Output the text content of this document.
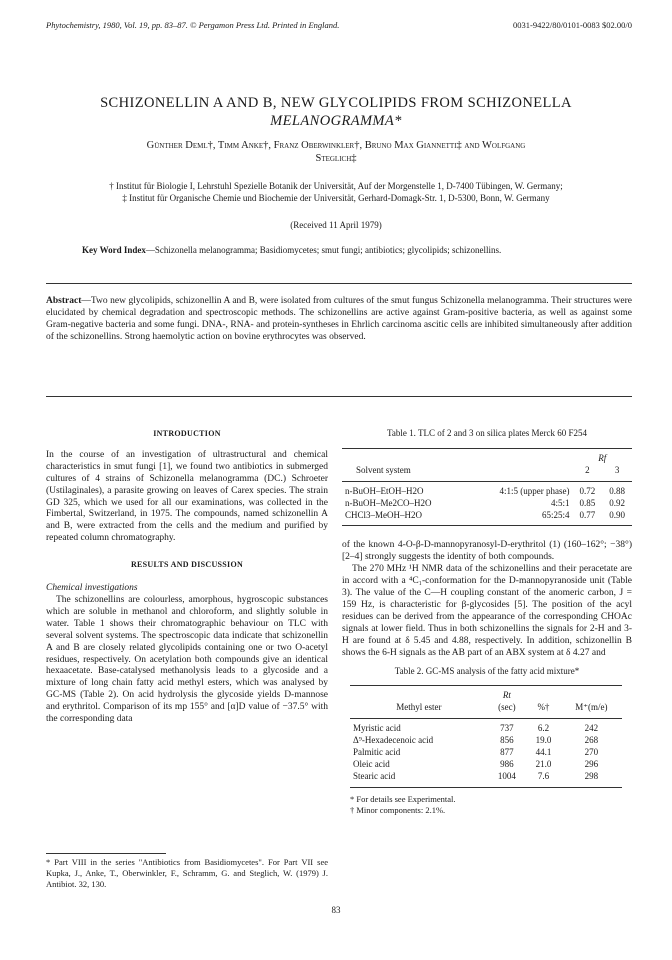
Phytochemistry, 1980, Vol. 19, pp. 83–87. © Pergamon Press Ltd. Printed in England.	0031-9422/80/0101-0083 $02.00/0
SCHIZONELLIN A AND B, NEW GLYCOLIPIDS FROM SCHIZONELLA
MELANOGRAMMA*
Günther Deml†, Timm Anke†, Franz Oberwinkler†, Bruno Max Giannetti‡ and Wolfgang
Steglich‡
† Institut für Biologie I, Lehrstuhl Spezielle Botanik der Universität, Auf der Morgenstelle 1, D-7400 Tübingen, W. Germany;
‡ Institut für Organische Chemie und Biochemie der Universität, Gerhard-Domagk-Str. 1, D-5300, Bonn, W. Germany
(Received 11 April 1979)
Key Word Index—Schizonella melanogramma; Basidiomycetes; smut fungi; antibiotics; glycolipids; schizonellins.
Abstract—Two new glycolipids, schizonellin A and B, were isolated from cultures of the smut fungus Schizonella melanogramma. Their structures were elucidated by chemical degradation and spectroscopic methods. The schizonellins are active against Gram-positive bacteria, as well as against some Gram-negative bacteria and some fungi. DNA-, RNA- and protein-syntheses in Ehrlich carcinoma ascitic cells are inhibited simultaneously after addition of the schizonellins. Strong haemolytic action on bovine erythrocytes was observed.

INTRODUCTION

In the course of an investigation of ultrastructural and chemical characteristics in smut fungi [1], we found two antibiotics in submerged cultures of 4 strains of Schizonella melanogramma (DC.) Schroeter (Ustilaginales), a parasite growing on leaves of Carex species. The strain GD 325, which we used for all our examinations, was collected in the Fimbertal, Switzerland, in 1975. The compounds, named schizonellin A and B, were extracted from the cells and the medium and purified by repeated column chromatography.

RESULTS AND DISCUSSION

Chemical investigations

The schizonellins are colourless, amorphous, hygroscopic substances which are soluble in methanol and chloroform, and slightly soluble in water. Table 1 shows their chromatographic behaviour on TLC with several solvent systems. The spectroscopic data indicate that schizonellin A and B are closely related glycolipids containing one or two O-acetyl residues, respectively. On acetylation both compounds give an identical hexaacetate. Base-catalysed methanolysis leads to a glycoside and a mixture of long chain fatty acid methyl esters, which was analysed by GC-MS (Table 2). On acid hydrolysis the glycoside yields D-mannose and erythritol. Comparison of its mp 155° and [α]D value of −37.5° with the corresponding data

* Part VIII in the series "Antibiotics from Basidiomycetes". For Part VII see Kupka, J., Anke, T., Oberwinkler, F., Schramm, G. and Steglich, W. (1979) J. Antibiot. 32, 130.
Table 1. TLC of 2 and 3 on silica plates Merck 60 F254

Solvent system		Rf	
		2	3

n-BuOH–EtOH–H2O	4:1:5 (upper phase)	0.72	0.88
n-BuOH–Me2CO–H2O	4:5:1	0.85	0.92
CHCl3–MeOH–H2O	65:25:4	0.77	0.90

of the known 4-O-β-D-mannopyranosyl-D-erythritol (1) (160–162°; −38°) [2–4] strongly suggests the identity of both compounds.

The 270 MHz ¹H NMR data of the schizonellins and their peracetate are in accord with a ⁴C₁-conformation for the D-mannopyranoside unit (Table 3). The value of the C—H coupling constant of the anomeric carbon, J = 159 Hz, is characteristic for β-glycosides [5]. The position of the acyl residues can be derived from the appearance of the corresponding CHOAc signals at lower field. Thus in both schizonellins the signals for 2-H and 3-H are found at δ 5.45 and 4.88, respectively. In addition, schizonellin B shows the 6-H signals as the AB part of an ABX system at δ 4.27 and

Table 2. GC-MS analysis of the fatty acid mixture*

Methyl ester	Rt	%†	M⁺(m/e)
	(sec)		

Myristic acid	737	6.2	242
Δ⁹-Hexadecenoic acid	856	19.0	268
Palmitic acid	877	44.1	270
Oleic acid	986	21.0	296
Stearic acid	1004	7.6	298

* For details see Experimental.
† Minor components: 2.1%.
83
